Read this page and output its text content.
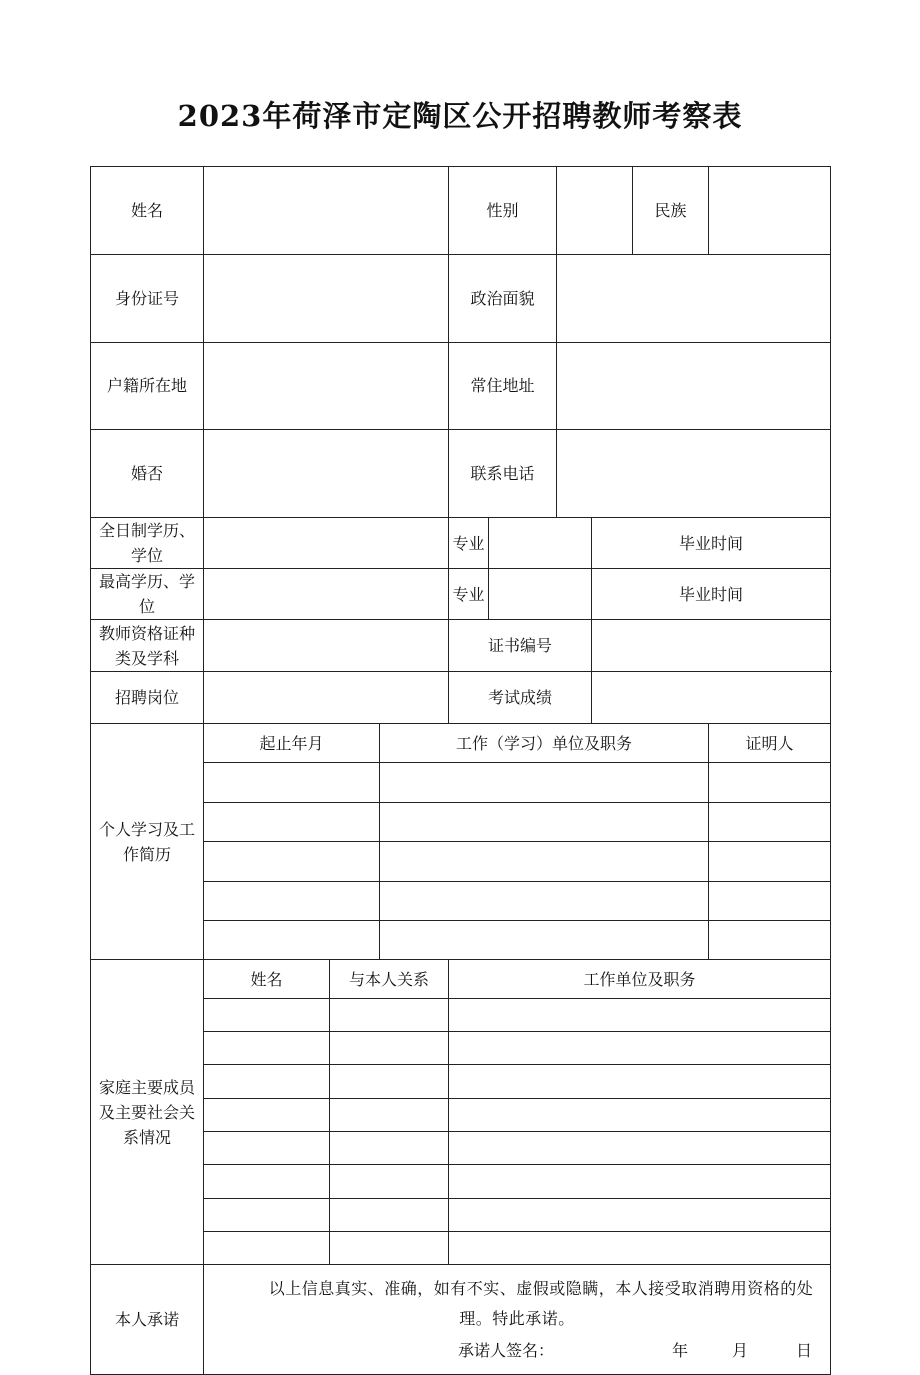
2023年荷泽市定陶区公开招聘教师考察表
姓名				性别				民族		
身份证号				政治面貌						
户籍所在地				常住地址						
婚否				联系电话						
全日制学历、学位				专业			毕业时间			
最高学历、学位				专业			毕业时间			
教师资格证种类及学科				证书编号						
招聘岗位				考试成绩						
个人学习及工作简历	起止年月		工作（学习）单位及职务						证明人	

家庭主要成员及主要社会关系情况	姓名	与本人关系		工作单位及职务						

本人承诺	以上信息真实、准确，如有不实、虚假或隐瞒，本人接受取消聘用资格的处理。特此承诺。
承诺人签名： 年 月 日									
